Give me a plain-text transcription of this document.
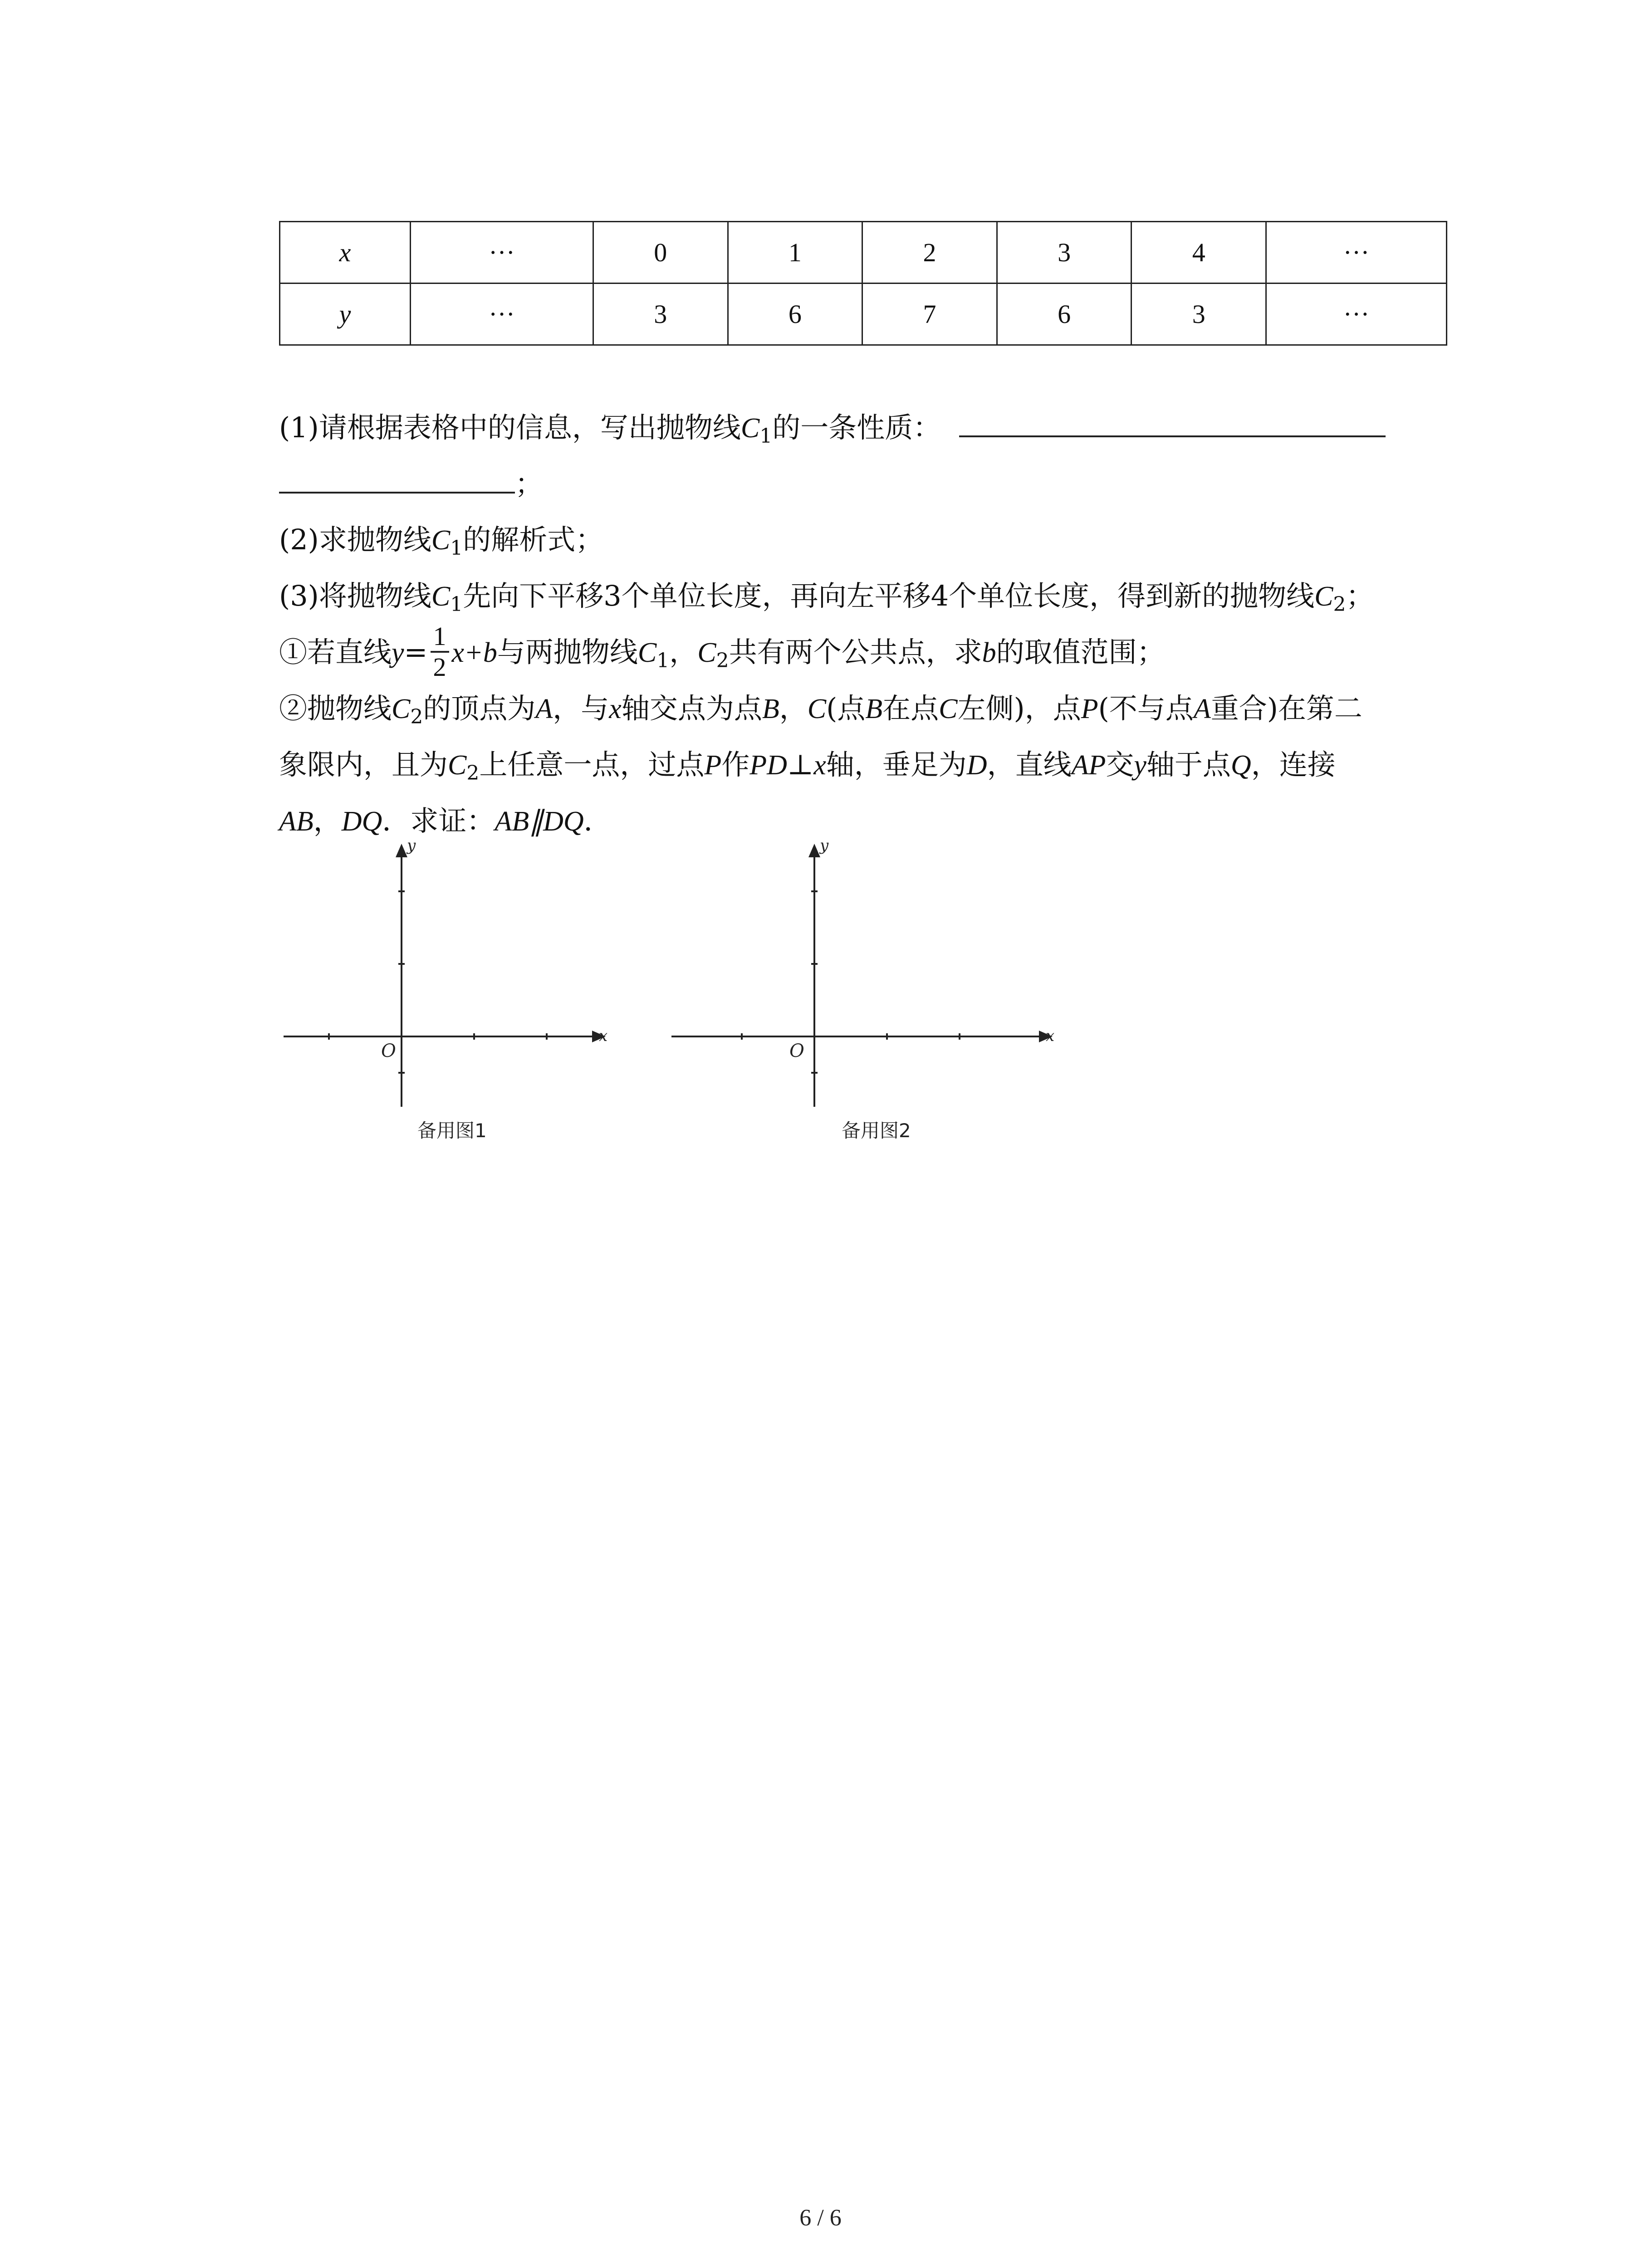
x	···	0	1	2	3	4	···
y	···	3	6	7	6	3	···
(1)请根据表格中的信息，写出抛物线$C_1$的一条性质：
；
(2)求抛物线$C_1$的解析式；
(3)将抛物线$C_1$先向下平移3个单位长度，再向左平移4个单位长度，得到新的抛物线$C_2$；
①若直线$y= \frac{1}{2} x+b$与两抛物线$C_1$，$C_2$共有两个公共点，求b的取值范围；
②抛物线$C_2$的顶点为A，与x轴交点为点B，C(点B在点C左侧)，点P(不与点A重合)在第二
象限内，且为$C_2$上任意一点，过点P作PD⊥x轴，垂足为D，直线AP交y轴于点Q，连接
AB，DQ．求证：AB∥DQ．
x
y
O
备用图1
x
y
O
备用图2
6 / 6
